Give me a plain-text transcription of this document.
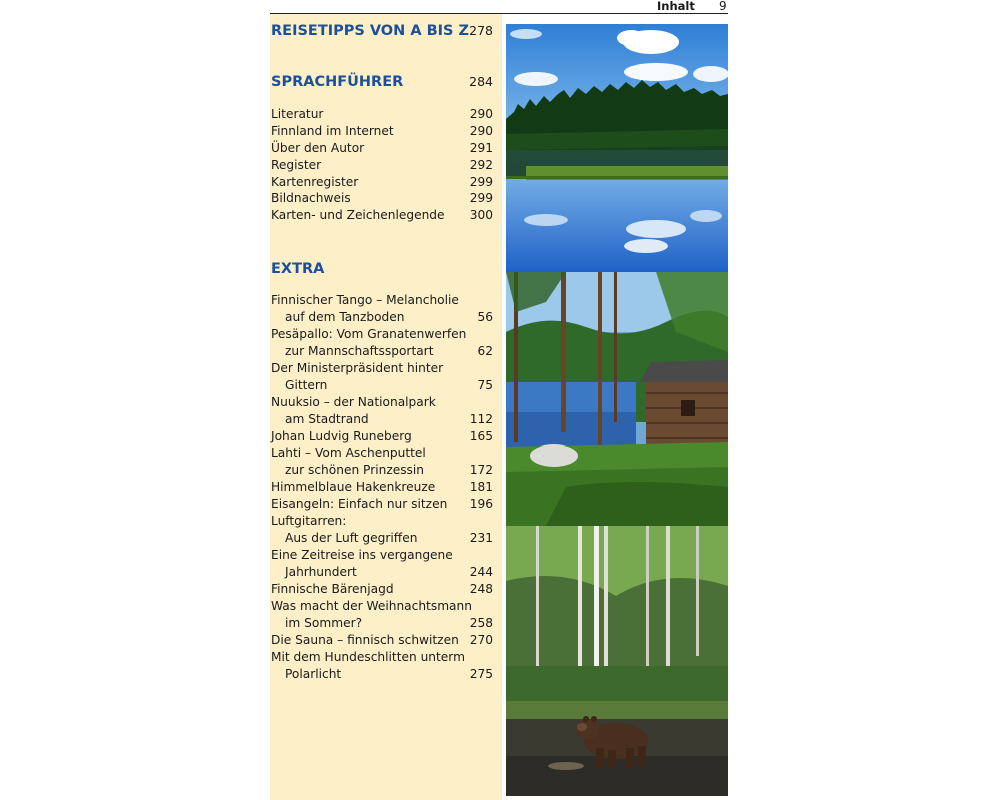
Inhalt 9
REISETIPPS VON A BIS Z 278
SPRACHFÜHRER	284
Literatur	290
Finnland im Internet	290
Über den Autor	291
Register	292
Kartenregister	299
Bildnachweis	299
Karten- und Zeichenlegende 300
EXTRA
Finnischer Tango – Melancholie
auf dem Tanzboden	56
Pesäpallo: Vom Granatenwerfen
zur Mannschaftssportart	62
Der Ministerpräsident hinter
Gittern	75
Nuuksio – der Nationalpark
am Stadtrand	112
Johan Ludvig Runeberg	165
Lahti – Vom Aschenputtel
zur schönen Prinzessin	172
Himmelblaue Hakenkreuze	181
Eisangeln: Einfach nur sitzen 196
Luftgitarren:
Aus der Luft gegriffen	231
Eine Zeitreise ins vergangene
Jahrhundert	244
Finnische Bärenjagd	248
Was macht der Weihnachtsmann
im Sommer?	258
Die Sauna – finnisch schwitzen 270
Mit dem Hundeschlitten unterm
Polarlicht	275
